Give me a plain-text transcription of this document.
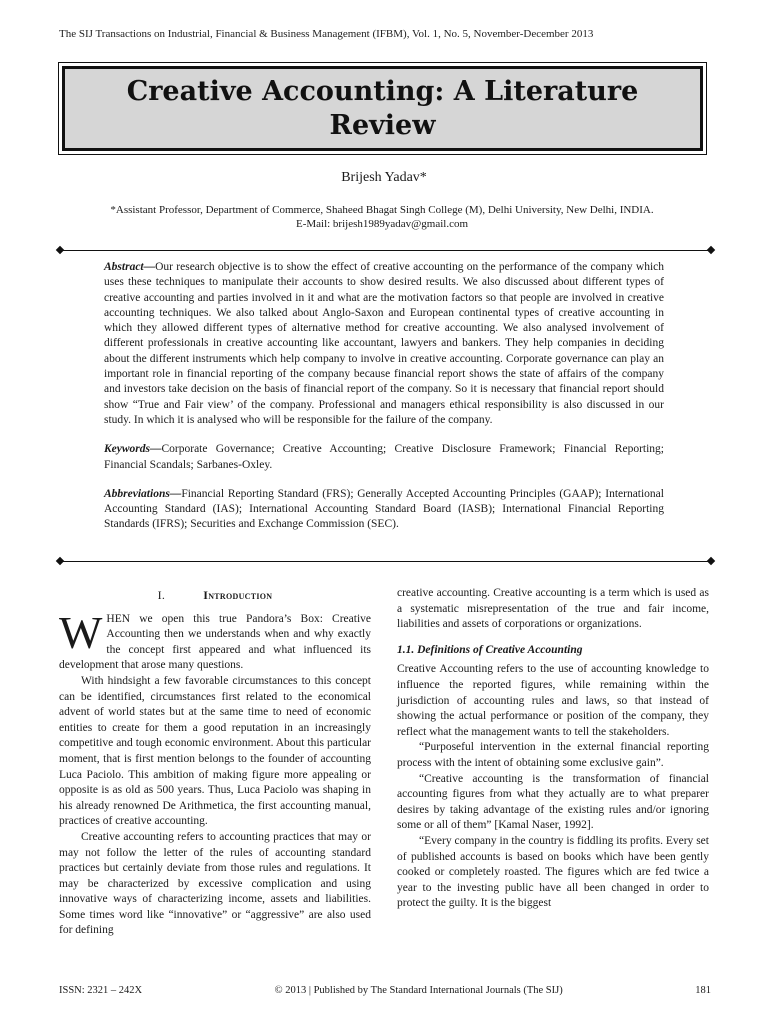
The SIJ Transactions on Industrial, Financial & Business Management (IFBM), Vol. 1, No. 5, November-December 2013
Creative Accounting: A Literature Review
Brijesh Yadav*
*Assistant Professor, Department of Commerce, Shaheed Bhagat Singh College (M), Delhi University, New Delhi, INDIA.
E-Mail: brijesh1989yadav@gmail.com

Abstract—Our research objective is to show the effect of creative accounting on the performance of the company which uses these techniques to manipulate their accounts to show desired results. We also discussed about different types of creative accounting and parties involved in it and what are the motivation factors so that people are involved in creative accounting techniques. We also talked about Anglo-Saxon and European continental types of creative accounting in which they allowed different types of alternative method for creative accounting. We also analysed involvement of different professionals in creative accounting like accountant, lawyers and bankers. They help companies in deciding about the different instruments which help company to involve in creative accounting. Corporate governance can play an important role in financial reporting of the company because financial report shows the state of affairs of the company and investors take decision on the basis of financial report of the company. So it is necessary that financial report should show “True and Fair view’ of the company. Professional and managers ethical responsibility is also discussed in our study. In which it is analysed who will be responsible for the failure of the company.

Keywords—Corporate Governance; Creative Accounting; Creative Disclosure Framework; Financial Reporting; Financial Scandals; Sarbanes-Oxley.

Abbreviations—Financial Reporting Standard (FRS); Generally Accepted Accounting Principles (GAAP); International Accounting Standard (IAS); International Accounting Standard Board (IASB); International Financial Reporting Standards (IFRS); Securities and Exchange Commission (SEC).

I.	Introduction

WHEN we open this true Pandora’s Box: Creative Accounting then we understands when and why exactly the concept first appeared and what influenced its development that arose many questions.

With hindsight a few favorable circumstances to this concept can be identified, circumstances first related to the economical advent of world states but at the same time to need of economic entities to create for them a good reputation in an increasingly competitive and tough economic environment. About this particular moment, that is first mention belongs to the founder of accounting Luca Paciolo. This ambition of making figure more appealing or opposite is as old as 500 years. Thus, Luca Paciolo was shaping in his already renowned De Arithmetica, the first accounting manual, practices of creative accounting.

Creative accounting refers to accounting practices that may or may not follow the letter of the rules of accounting standard practices but certainly deviate from those rules and regulations. It may be characterized by excessive complication and using innovative ways of characterizing income, assets and liabilities. Some times word like “innovative” or “aggressive” are also used for defining

creative accounting. Creative accounting is a term which is used as a systematic misrepresentation of the true and fair income, liabilities and assets of corporations or organizations.

1.1. Definitions of Creative Accounting

Creative Accounting refers to the use of accounting knowledge to influence the reported figures, while remaining within the jurisdiction of accounting rules and laws, so that instead of showing the actual performance or position of the company, they reflect what the management wants to tell the stakeholders.

“Purposeful intervention in the external financial reporting process with the intent of obtaining some exclusive gain”.

“Creative accounting is the transformation of financial accounting figures from what they actually are to what preparer desires by taking advantage of the existing rules and/or ignoring some or all of them” [Kamal Naser, 1992].

“Every company in the country is fiddling its profits. Every set of published accounts is based on books which have been gently cooked or completely roasted. The figures which are fed twice a year to the investing public have all been changed in order to protect the guilty. It is the biggest

ISSN: 2321 – 242X	© 2013 | Published by The Standard International Journals (The SIJ)	181
